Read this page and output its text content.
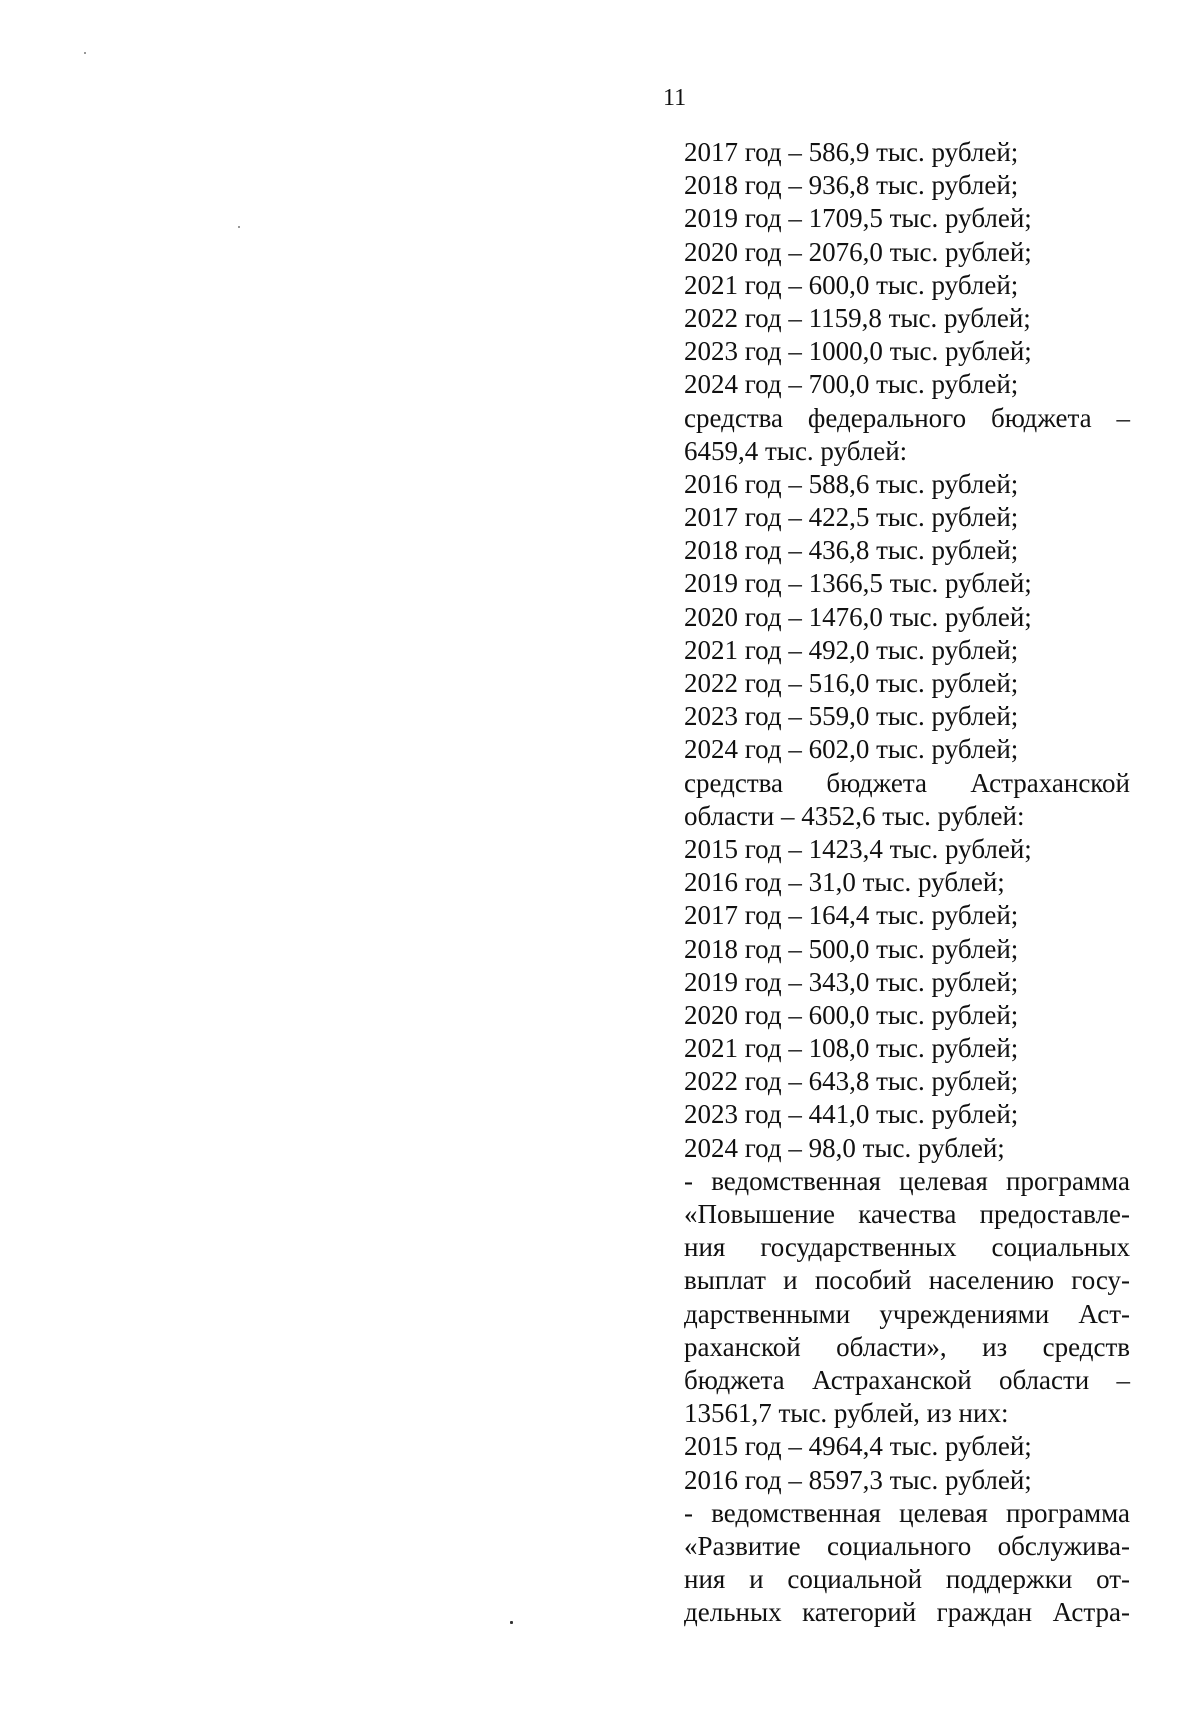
11
2017 год – 586,9 тыс. рублей;
2018 год – 936,8 тыс. рублей;
2019 год – 1709,5 тыс. рублей;
2020 год – 2076,0 тыс. рублей;
2021 год – 600,0 тыс. рублей;
2022 год – 1159,8 тыс. рублей;
2023 год – 1000,0 тыс. рублей;
2024 год – 700,0 тыс. рублей;
средства федерального бюджета –
6459,4 тыс. рублей:
2016 год – 588,6 тыс. рублей;
2017 год – 422,5 тыс. рублей;
2018 год – 436,8 тыс. рублей;
2019 год – 1366,5 тыс. рублей;
2020 год – 1476,0 тыс. рублей;
2021 год – 492,0 тыс. рублей;
2022 год – 516,0 тыс. рублей;
2023 год – 559,0 тыс. рублей;
2024 год – 602,0 тыс. рублей;
средства бюджета Астраханской
области – 4352,6 тыс. рублей:
2015 год – 1423,4 тыс. рублей;
2016 год – 31,0 тыс. рублей;
2017 год – 164,4 тыс. рублей;
2018 год – 500,0 тыс. рублей;
2019 год – 343,0 тыс. рублей;
2020 год – 600,0 тыс. рублей;
2021 год – 108,0 тыс. рублей;
2022 год – 643,8 тыс. рублей;
2023 год – 441,0 тыс. рублей;
2024 год – 98,0 тыс. рублей;
- ведомственная целевая программа
«Повышение качества предоставле-
ния государственных социальных
выплат и пособий населению госу-
дарственными учреждениями Аст-
раханской области», из средств
бюджета Астраханской области –
13561,7 тыс. рублей, из них:
2015 год – 4964,4 тыс. рублей;
2016 год – 8597,3 тыс. рублей;
- ведомственная целевая программа
«Развитие социального обслужива-
ния и социальной поддержки от-
дельных категорий граждан Астра-
